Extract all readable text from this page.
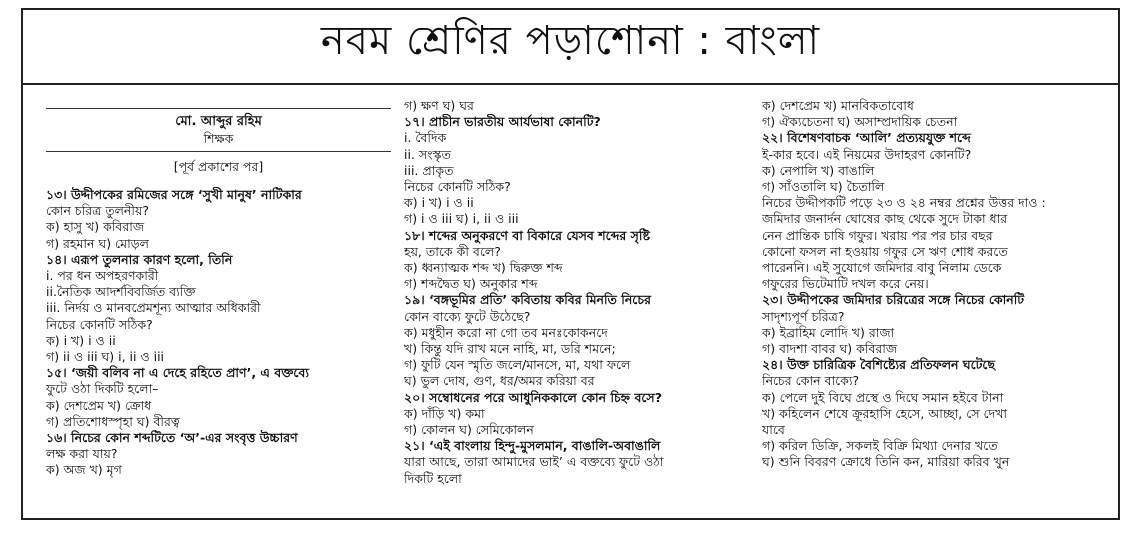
নবম শ্রেণির পড়াশোনা : বাংলা
মো. আব্দুর রহিম
শিক্ষক
[পূর্ব প্রকাশের পর]
১৩। উদ্দীপকের রমিজের সঙ্গে ‘সুখী মানুষ’ নাটিকার
কোন চরিত্র তুলনীয়?
ক) হাসু খ) কবিরাজ
গ) রহমান ঘ) মোড়ল
১৪। এরূপ তুলনার কারণ হলো, তিনি
i. পর ধন অপহরণকারী
ii.নৈতিক আদর্শবিবর্জিত ব্যক্তি
iii. নির্দয় ও মানবপ্রেমশূন্য আত্মার অধিকারী
নিচের কোনটি সঠিক?
ক) i খ) i ও ii
গ) ii ও iii ঘ) i, ii ও iii
১৫। ‘জয়ী বলিব না এ দেহে রহিতে প্রাণ’, এ বক্তব্যে
ফুটে ওঠা দিকটি হলো–
ক) দেশপ্রেম খ) ক্রোধ
গ) প্রতিশোধস্পৃহা ঘ) বীরত্ব
১৬। নিচের কোন শব্দটিতে ‘অ’-এর সংবৃত্ত উচ্চারণ
লক্ষ করা যায়?
ক) অজ খ) মৃগ
গ) ক্ষণ ঘ) ঘর
১৭। প্রাচীন ভারতীয় আর্যভাষা কোনটি?
i. বৈদিক
ii. সংস্কৃত
iii. প্রাকৃত
নিচের কোনটি সঠিক?
ক) i খ) i ও ii
গ) i ও iii ঘ) i, ii ও iii
১৮। শব্দের অনুকরণে বা বিকারে যেসব শব্দের সৃষ্টি
হয়, তাকে কী বলে?
ক) ধ্বন্যাত্মক শব্দ খ) দ্বিরুক্ত শব্দ
গ) শব্দদ্বৈত ঘ) অনুকার শব্দ
১৯। ‘বঙ্গভূমির প্রতি’ কবিতায় কবির মিনতি নিচের
কোন বাক্যে ফুটে উঠেছে?
ক) মধুহীন করো না গো তব মনঃকোকনদে
খ) কিন্তু যদি রাখ মনে নাহি, মা, ডরি শমনে;
গ) ফুটি যেন স্মৃতি জলে/মানসে, মা, যথা ফলে
ঘ) ভুল দোষ, গুণ, ধর/অমর করিয়া বর
২০। সম্বোধনের পরে আধুনিককালে কোন চিহ্ন বসে?
ক) দাঁড়ি খ) কমা
গ) কোলন ঘ) সেমিকোলন
২১। ‘এই বাংলায় হিন্দু-মুসলমান, বাঙালি-অবাঙালি
যারা আছে, তারা আমাদের ভাই’ এ বক্তব্যে ফুটে ওঠা
দিকটি হলো
ক) দেশপ্রেম খ) মানবিকতাবোধ
গ) ঐক্যচেতনা ঘ) অসাম্প্রদায়িক চেতনা
২২। বিশেষণবাচক ‘আলি’ প্রত্যয়যুক্ত শব্দে
ই-কার হবে। এই নিয়মের উদাহরণ কোনটি?
ক) নেপালি খ) বাঙালি
গ) সাঁওতালি ঘ) চৈতালি
নিচের উদ্দীপকটি পড়ে ২৩ ও ২৪ নম্বর প্রশ্নের উত্তর দাও :
জমিদার জনার্দন ঘোষের কাছ থেকে সুদে টাকা ধার
নেন প্রান্তিক চাষি গফুর। খরায় পর পর চার বছর
কোনো ফসল না হওয়ায় গফুর সে ঋণ শোধ করতে
পারেননি। এই সুযোগে জমিদার বাবু নিলাম ডেকে
গফুরের ভিটেমাটি দখল করে নেয়।
২৩। উদ্দীপকের জমিদার চরিত্রের সঙ্গে নিচের কোনটি
সাদৃশ্যপূর্ণ চরিত্র?
ক) ইব্রাহিম লোদি খ) রাজা
গ) বাদশা বাবর ঘ) কবিরাজ
২৪। উক্ত চারিত্রিক বৈশিষ্ট্যের প্রতিফলন ঘটেছে
নিচের কোন বাক্যে?
ক) পেলে দুই বিঘে প্রস্থে ও দিঘে সমান হইবে টানা
খ) কহিলেন শেষে ক্রূরহাসি হেসে, আচ্ছা, সে দেখা
যাবে
গ) করিল ডিক্রি, সকলই বিক্রি মিথ্যা দেনার খতে
ঘ) শুনি বিবরণ ক্রোধে তিনি কন, মারিয়া করিব খুন
